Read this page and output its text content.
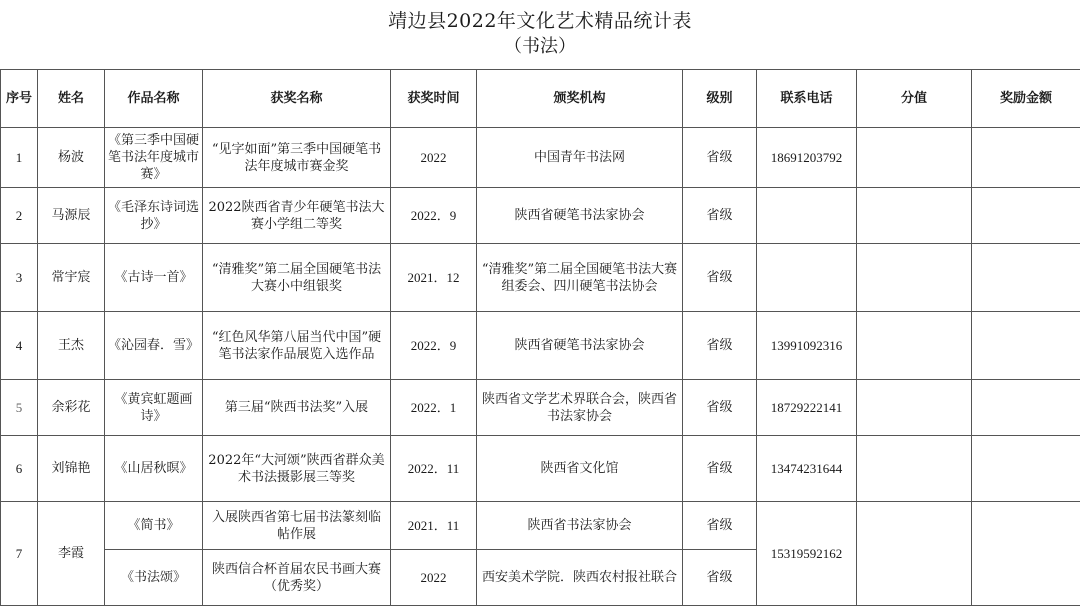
靖边县2022年文化艺术精品统计表
（书法）
序号	姓名	作品名称	获奖名称	获奖时间	颁奖机构	级别	联系电话	分值	奖励金额
1	杨波	《第三季中国硬笔书法年度城市赛》	“见字如面”第三季中国硬笔书法年度城市赛金奖	2022	中国青年书法网	省级	18691203792		
2	马源辰	《毛泽东诗词选抄》	2022陕西省青少年硬笔书法大赛小学组二等奖	2022．9	陕西省硬笔书法家协会	省级			
3	常宇宸	《古诗一首》	“清雅奖”第二届全国硬笔书法大赛小中组银奖	2021．12	“清雅奖”第二届全国硬笔书法大赛组委会、四川硬笔书法协会	省级			
4	王杰	《沁园春．雪》	“红色风华第八届当代中国”硬笔书法家作品展览入选作品	2022．9	陕西省硬笔书法家协会	省级	13991092316		
5	余彩花	《黄宾虹题画诗》	第三届“陕西书法奖”入展	2022．1	陕西省文学艺术界联合会，陕西省书法家协会	省级	18729222141		
6	刘锦艳	《山居秋暝》	2022年“大河颂”陕西省群众美术书法摄影展三等奖	2022．11	陕西省文化馆	省级	13474231644		
7	李霞	《简书》	入展陕西省第七届书法篆刻临帖作展	2021．11	陕西省书法家协会	省级	15319592162		
		《书法颂》	陕西信合杯首届农民书画大赛（优秀奖）	2022	西安美术学院．陕西农村报社联合	省级			
